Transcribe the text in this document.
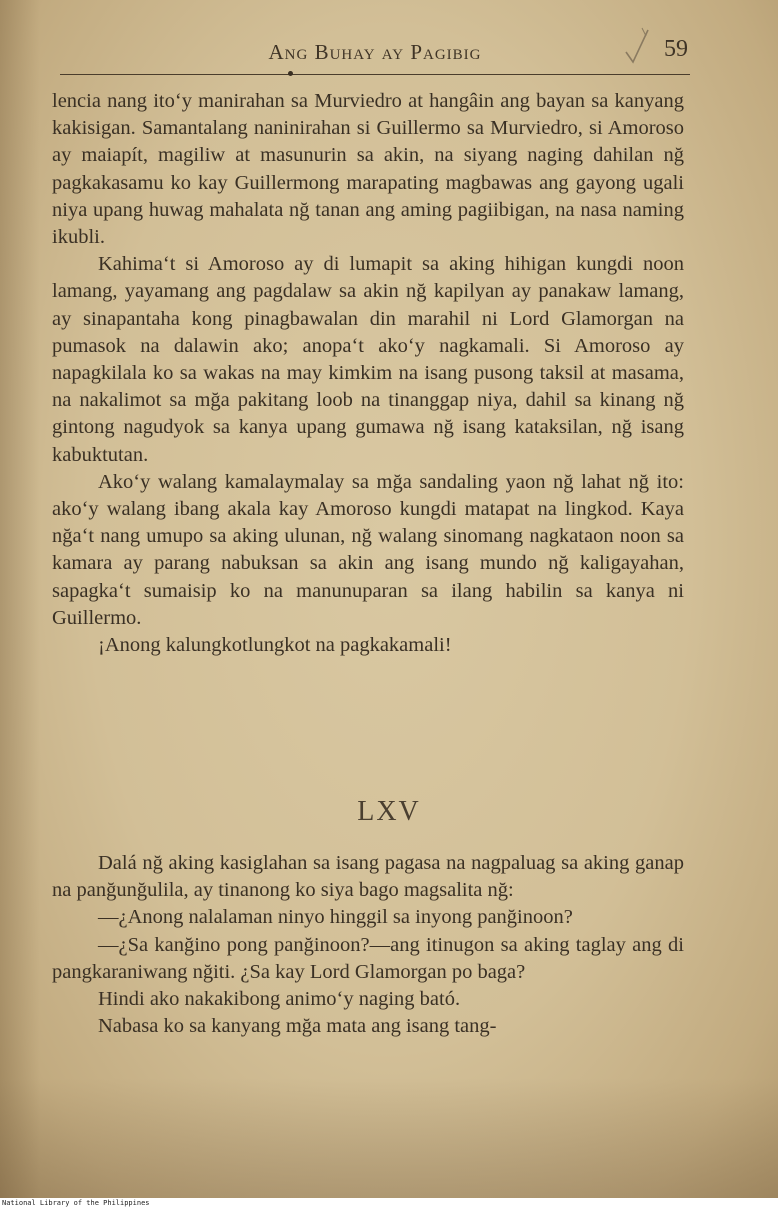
Ang Buhay ay Pagibig	59

lencia nang ito‘y manirahan sa Murviedro at hangâin ang bayan sa kanyang kakisigan. Samantalang naninirahan si Guillermo sa Murviedro, si Amoroso ay maiapít, magiliw at masunurin sa akin, na siyang naging dahilan nğ pagkakasamu ko kay Guillermong marapating magbawas ang gayong ugali niya upang huwag mahalata nğ tanan ang aming pagiibigan, na nasa naming ikubli.

Kahima‘t si Amoroso ay di lumapit sa aking hihigan kungdi noon lamang, yayamang ang pagdalaw sa akin nğ kapilyan ay panakaw lamang, ay sinapantaha kong pinagbawalan din marahil ni Lord Glamorgan na pumasok na dalawin ako; anopa‘t ako‘y nagkamali. Si Amoroso ay napagkilala ko sa wakas na may kimkim na isang pusong taksil at masama, na nakalimot sa mğa pakitang loob na tinanggap niya, dahil sa kinang nğ gintong nagudyok sa kanya upang gumawa nğ isang kataksilan, nğ isang kabuktutan.

Ako‘y walang kamalaymalay sa mğa sandaling yaon nğ lahat nğ ito: ako‘y walang ibang akala kay Amoroso kungdi matapat na lingkod. Kaya nğa‘t nang umupo sa aking ulunan, nğ walang sinomang nagkataon noon sa kamara ay parang nabuksan sa akin ang isang mundo nğ kaligayahan, sapagka‘t sumaisip ko na manunuparan sa ilang habilin sa kanya ni Guillermo.

¡Anong kalungkotlungkot na pagkakamali!

LXV

Dalá nğ aking kasiglahan sa isang pagasa na nagpaluag sa aking ganap na panğunğulila, ay tinanong ko siya bago magsalita nğ:

—¿Anong nalalaman ninyo hinggil sa inyong panğinoon?

—¿Sa kanğino pong panğinoon?—ang itinugon sa aking taglay ang di pangkaraniwang nğiti. ¿Sa kay Lord Glamorgan po baga?

Hindi ako nakakibong animo‘y naging bató.

Nabasa ko sa kanyang mğa mata ang isang tang-

National Library of the Philippines
